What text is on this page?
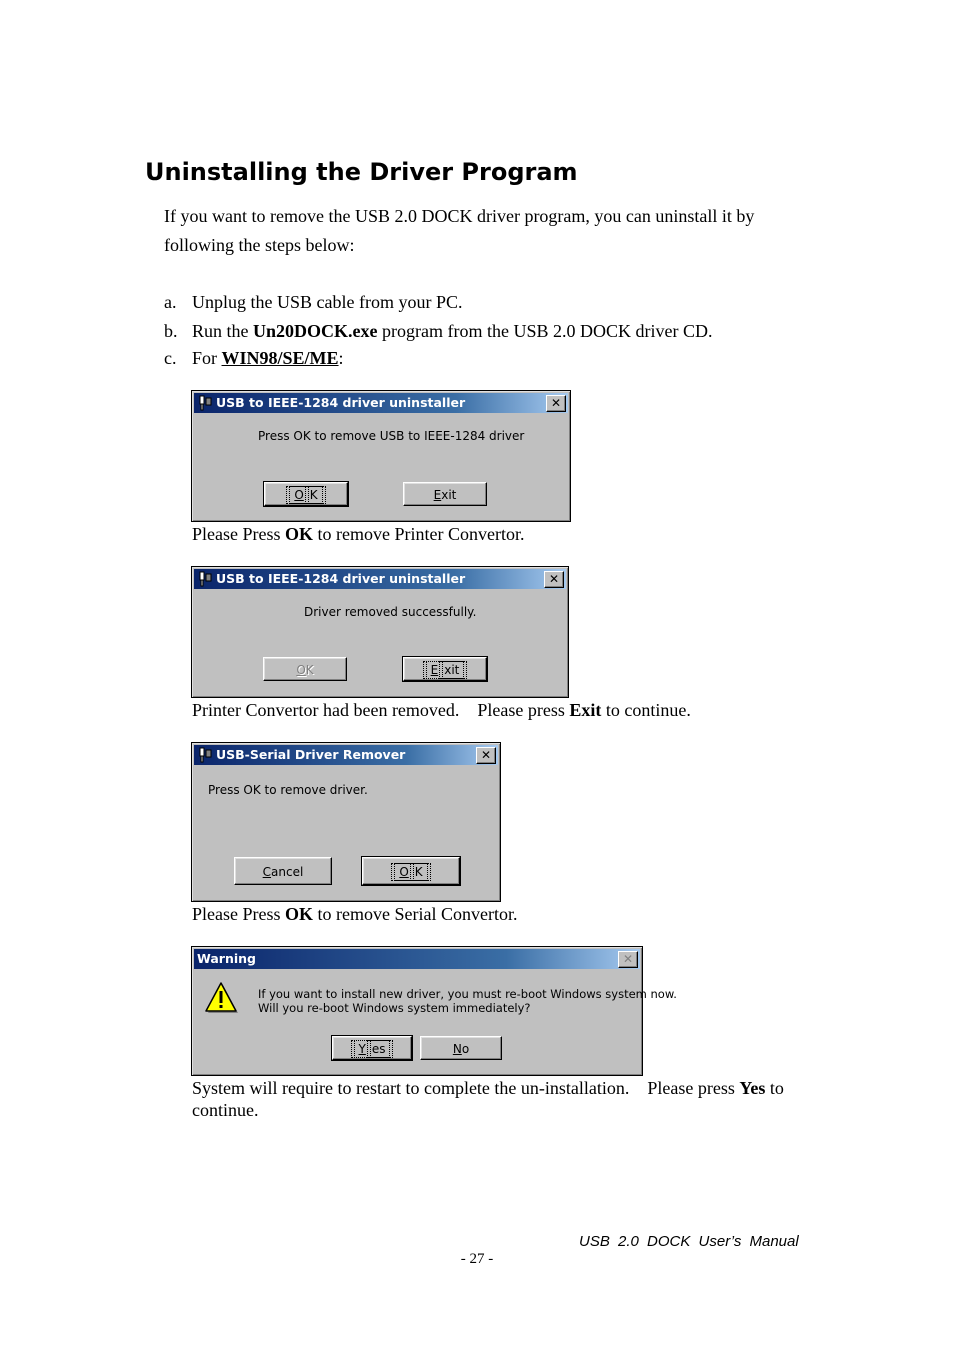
Uninstalling the Driver Program

If you want to remove the USB 2.0 DOCK driver program, you can uninstall it by following the steps below:

a. Unplug the USB cable from your PC.
b. Run the Un20DOCK.exe program from the USB 2.0 DOCK driver CD.
c. For WIN98/SE/ME:
USB to IEEE-1284 driver uninstaller	✕
Press OK to remove USB to IEEE-1284 driver
O K	Exit
Please Press OK to remove Printer Convertor.
USB to IEEE-1284 driver uninstaller	✕
Driver removed successfully.
OK	E xit
Printer Convertor had been removed.    Please press Exit to continue.
USB-Serial Driver Remover	✕
Press OK to remove driver.
Cancel	O K
Please Press OK to remove Serial Convertor.
Warning	✕
If you want to install new driver, you must re-boot Windows system now.
Will you re-boot Windows system immediately?
Y es	No
System will require to restart to complete the un-installation.    Please press Yes to continue.
USB 2.0 DOCK User’s Manual
- 27 -
